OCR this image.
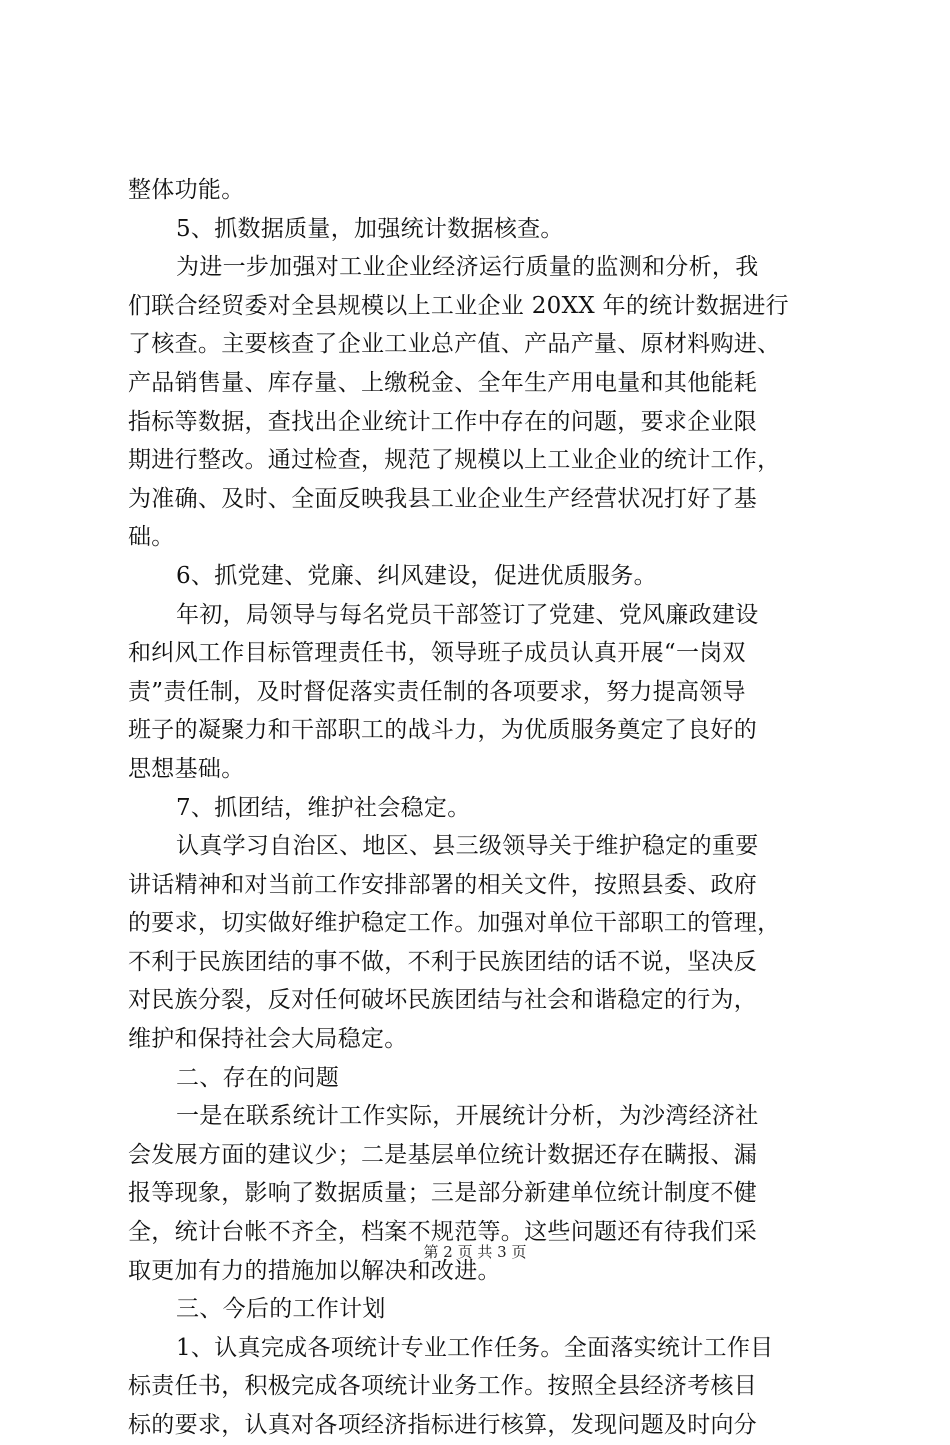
整体功能。
5、抓数据质量，加强统计数据核查。
为进一步加强对工业企业经济运行质量的监测和分析，我
们联合经贸委对全县规模以上工业企业 20XX 年的统计数据进行
了核查。主要核查了企业工业总产值、产品产量、原材料购进、
产品销售量、库存量、上缴税金、全年生产用电量和其他能耗
指标等数据，查找出企业统计工作中存在的问题，要求企业限
期进行整改。通过检查，规范了规模以上工业企业的统计工作，
为准确、及时、全面反映我县工业企业生产经营状况打好了基
础。
6、抓党建、党廉、纠风建设，促进优质服务。
年初，局领导与每名党员干部签订了党建、党风廉政建设
和纠风工作目标管理责任书，领导班子成员认真开展“一岗双
责”责任制，及时督促落实责任制的各项要求，努力提高领导
班子的凝聚力和干部职工的战斗力，为优质服务奠定了良好的
思想基础。
7、抓团结，维护社会稳定。
认真学习自治区、地区、县三级领导关于维护稳定的重要
讲话精神和对当前工作安排部署的相关文件，按照县委、政府
的要求，切实做好维护稳定工作。加强对单位干部职工的管理，
不利于民族团结的事不做，不利于民族团结的话不说，坚决反
对民族分裂，反对任何破坏民族团结与社会和谐稳定的行为，
维护和保持社会大局稳定。
二、存在的问题
一是在联系统计工作实际，开展统计分析，为沙湾经济社
会发展方面的建议少；二是基层单位统计数据还存在瞒报、漏
报等现象，影响了数据质量；三是部分新建单位统计制度不健
全，统计台帐不齐全，档案不规范等。这些问题还有待我们采
取更加有力的措施加以解决和改进。
三、今后的工作计划
1、认真完成各项统计专业工作任务。全面落实统计工作目
标责任书，积极完成各项统计业务工作。按照全县经济考核目
标的要求，认真对各项经济指标进行核算，发现问题及时向分
第 2 页 共 3 页
